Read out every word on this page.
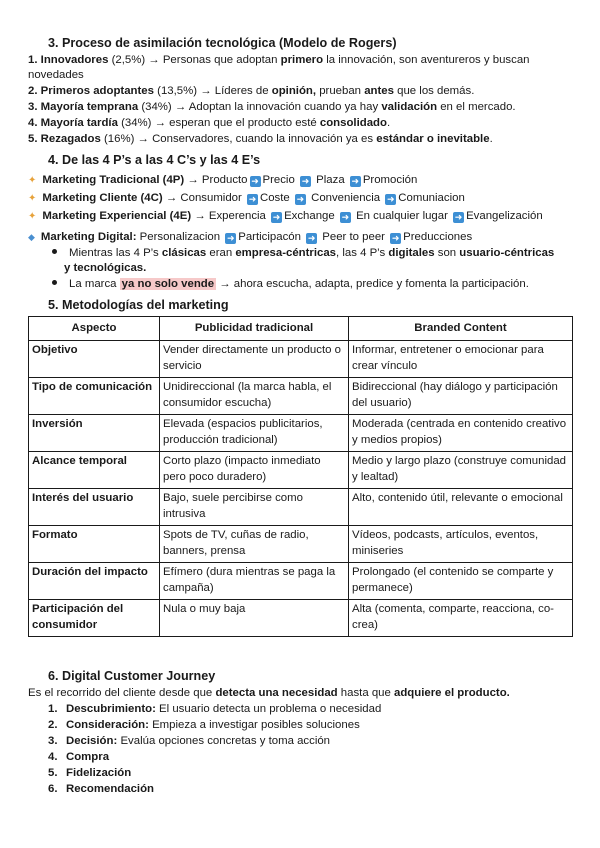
3. Proceso de asimilación tecnológica (Modelo de Rogers)
1. Innovadores (2,5%) → Personas que adoptan primero la innovación, son aventureros y buscan
novedades
2. Primeros adoptantes (13,5%) → Líderes de opinión, prueban antes que los demás.
3. Mayoría temprana (34%) → Adoptan la innovación cuando ya hay validación en el mercado.
4. Mayoría tardía (34%) → esperan que el producto esté consolidado.
5. Rezagados (16%) → Conservadores, cuando la innovación ya es estándar o inevitable.
4. De las 4 P’s a las 4 C’s y las 4 E’s
✦ Marketing Tradicional (4P) → Producto ➜ Precio ➜ Plaza ➜ Promoción
✦ Marketing Cliente (4C) → Consumidor ➜ Coste ➜ Conveniencia ➜ Comuniacion
✦ Marketing Experiencial (4E) → Experencia ➜ Exchange ➜ En cualquier lugar ➜ Evangelización
◆ Marketing Digital: Personalizacion ➜ Participacón ➜ Peer to peer ➜ Preducciones
Mientras las 4 P’s clásicas eran empresa-céntricas, las 4 P’s digitales son usuario-céntricas
y tecnológicas.
La marca ya no solo vende → ahora escucha, adapta, predice y fomenta la participación.
5. Metodologías del marketing
Aspecto	Publicidad tradicional	Branded Content
Objetivo	Vender directamente un producto o servicio	Informar, entretener o emocionar para crear vínculo
Tipo de comunicación	Unidireccional (la marca habla, el consumidor escucha)	Bidireccional (hay diálogo y participación del usuario)
Inversión	Elevada (espacios publicitarios, producción tradicional)	Moderada (centrada en contenido creativo y medios propios)
Alcance temporal	Corto plazo (impacto inmediato pero poco duradero)	Medio y largo plazo (construye comunidad y lealtad)
Interés del usuario	Bajo, suele percibirse como intrusiva	Alto, contenido útil, relevante o emocional
Formato	Spots de TV, cuñas de radio, banners, prensa	Vídeos, podcasts, artículos, eventos, miniseries
Duración del impacto	Efímero (dura mientras se paga la campaña)	Prolongado (el contenido se comparte y permanece)
Participación del consumidor	Nula o muy baja	Alta (comenta, comparte, reacciona, co-crea)
6. Digital Customer Journey
Es el recorrido del cliente desde que detecta una necesidad hasta que adquiere el producto.
1. Descubrimiento: El usuario detecta un problema o necesidad
2. Consideración: Empieza a investigar posibles soluciones
3. Decisión: Evalúa opciones concretas y toma acción
4. Compra
5. Fidelización
6. Recomendación
